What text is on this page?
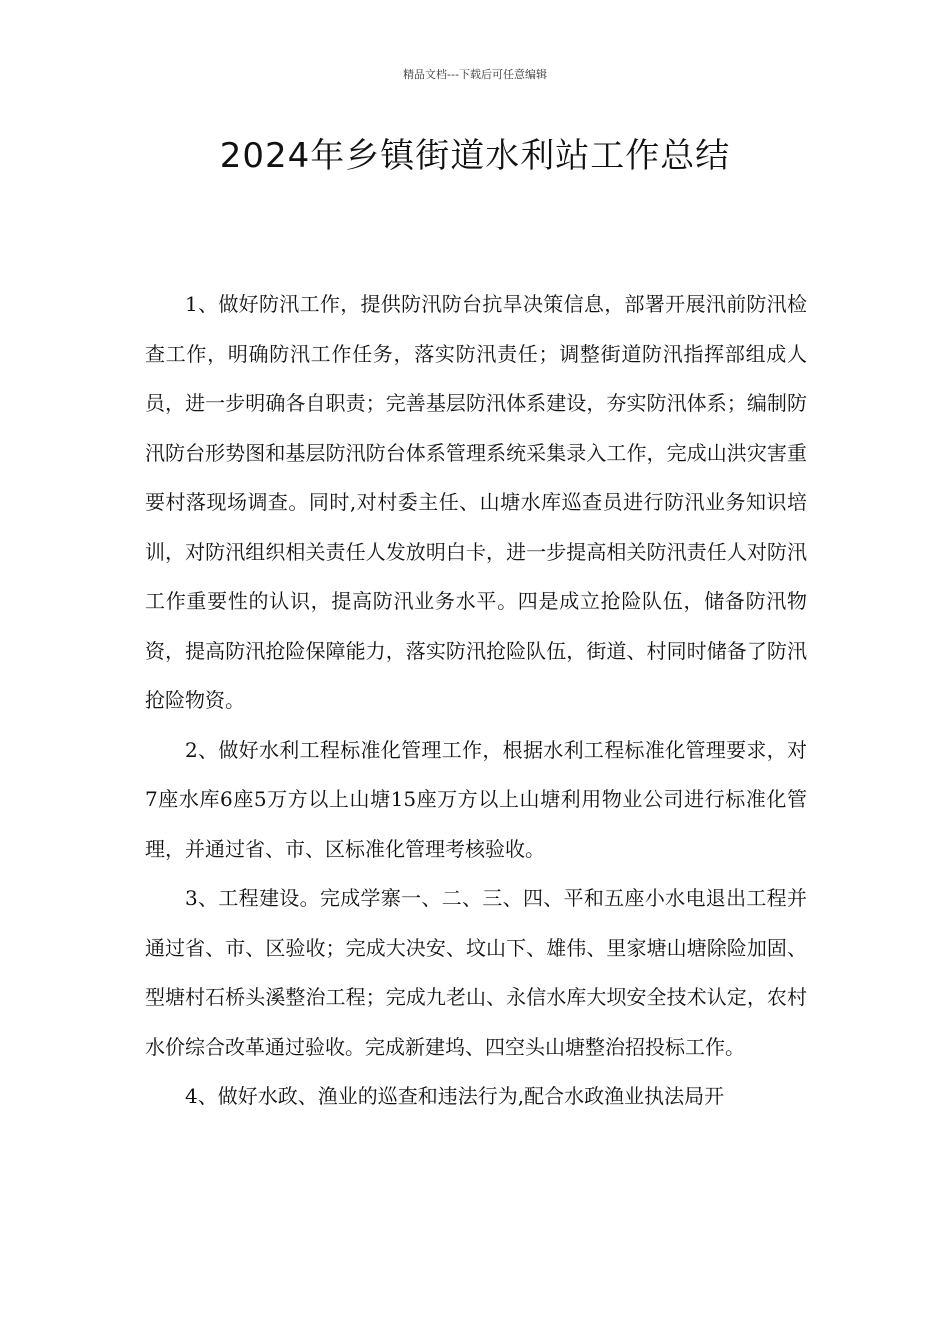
精品文档---下载后可任意编辑
2024年乡镇街道水利站工作总结

1、做好防汛工作，提供防汛防台抗旱决策信息，部署开展汛前防汛检查工作，明确防汛工作任务，落实防汛责任；调整街道防汛指挥部组成人员，进一步明确各自职责；完善基层防汛体系建设，夯实防汛体系；编制防汛防台形势图和基层防汛防台体系管理系统采集录入工作，完成山洪灾害重要村落现场调查。同时,对村委主任、山塘水库巡查员进行防汛业务知识培训，对防汛组织相关责任人发放明白卡，进一步提高相关防汛责任人对防汛工作重要性的认识，提高防汛业务水平。四是成立抢险队伍，储备防汛物资，提高防汛抢险保障能力，落实防汛抢险队伍，街道、村同时储备了防汛抢险物资。

2、做好水利工程标准化管理工作，根据水利工程标准化管理要求，对7座水库6座5万方以上山塘15座万方以上山塘利用物业公司进行标准化管理，并通过省、市、区标准化管理考核验收。

3、工程建设。完成学寨一、二、三、四、平和五座小水电退出工程并通过省、市、区验收；完成大决安、坟山下、雄伟、里家塘山塘除险加固、型塘村石桥头溪整治工程；完成九老山、永信水库大坝安全技术认定，农村水价综合改革通过验收。完成新建坞、四空头山塘整治招投标工作。

4、做好水政、渔业的巡查和违法行为,配合水政渔业执法局开
